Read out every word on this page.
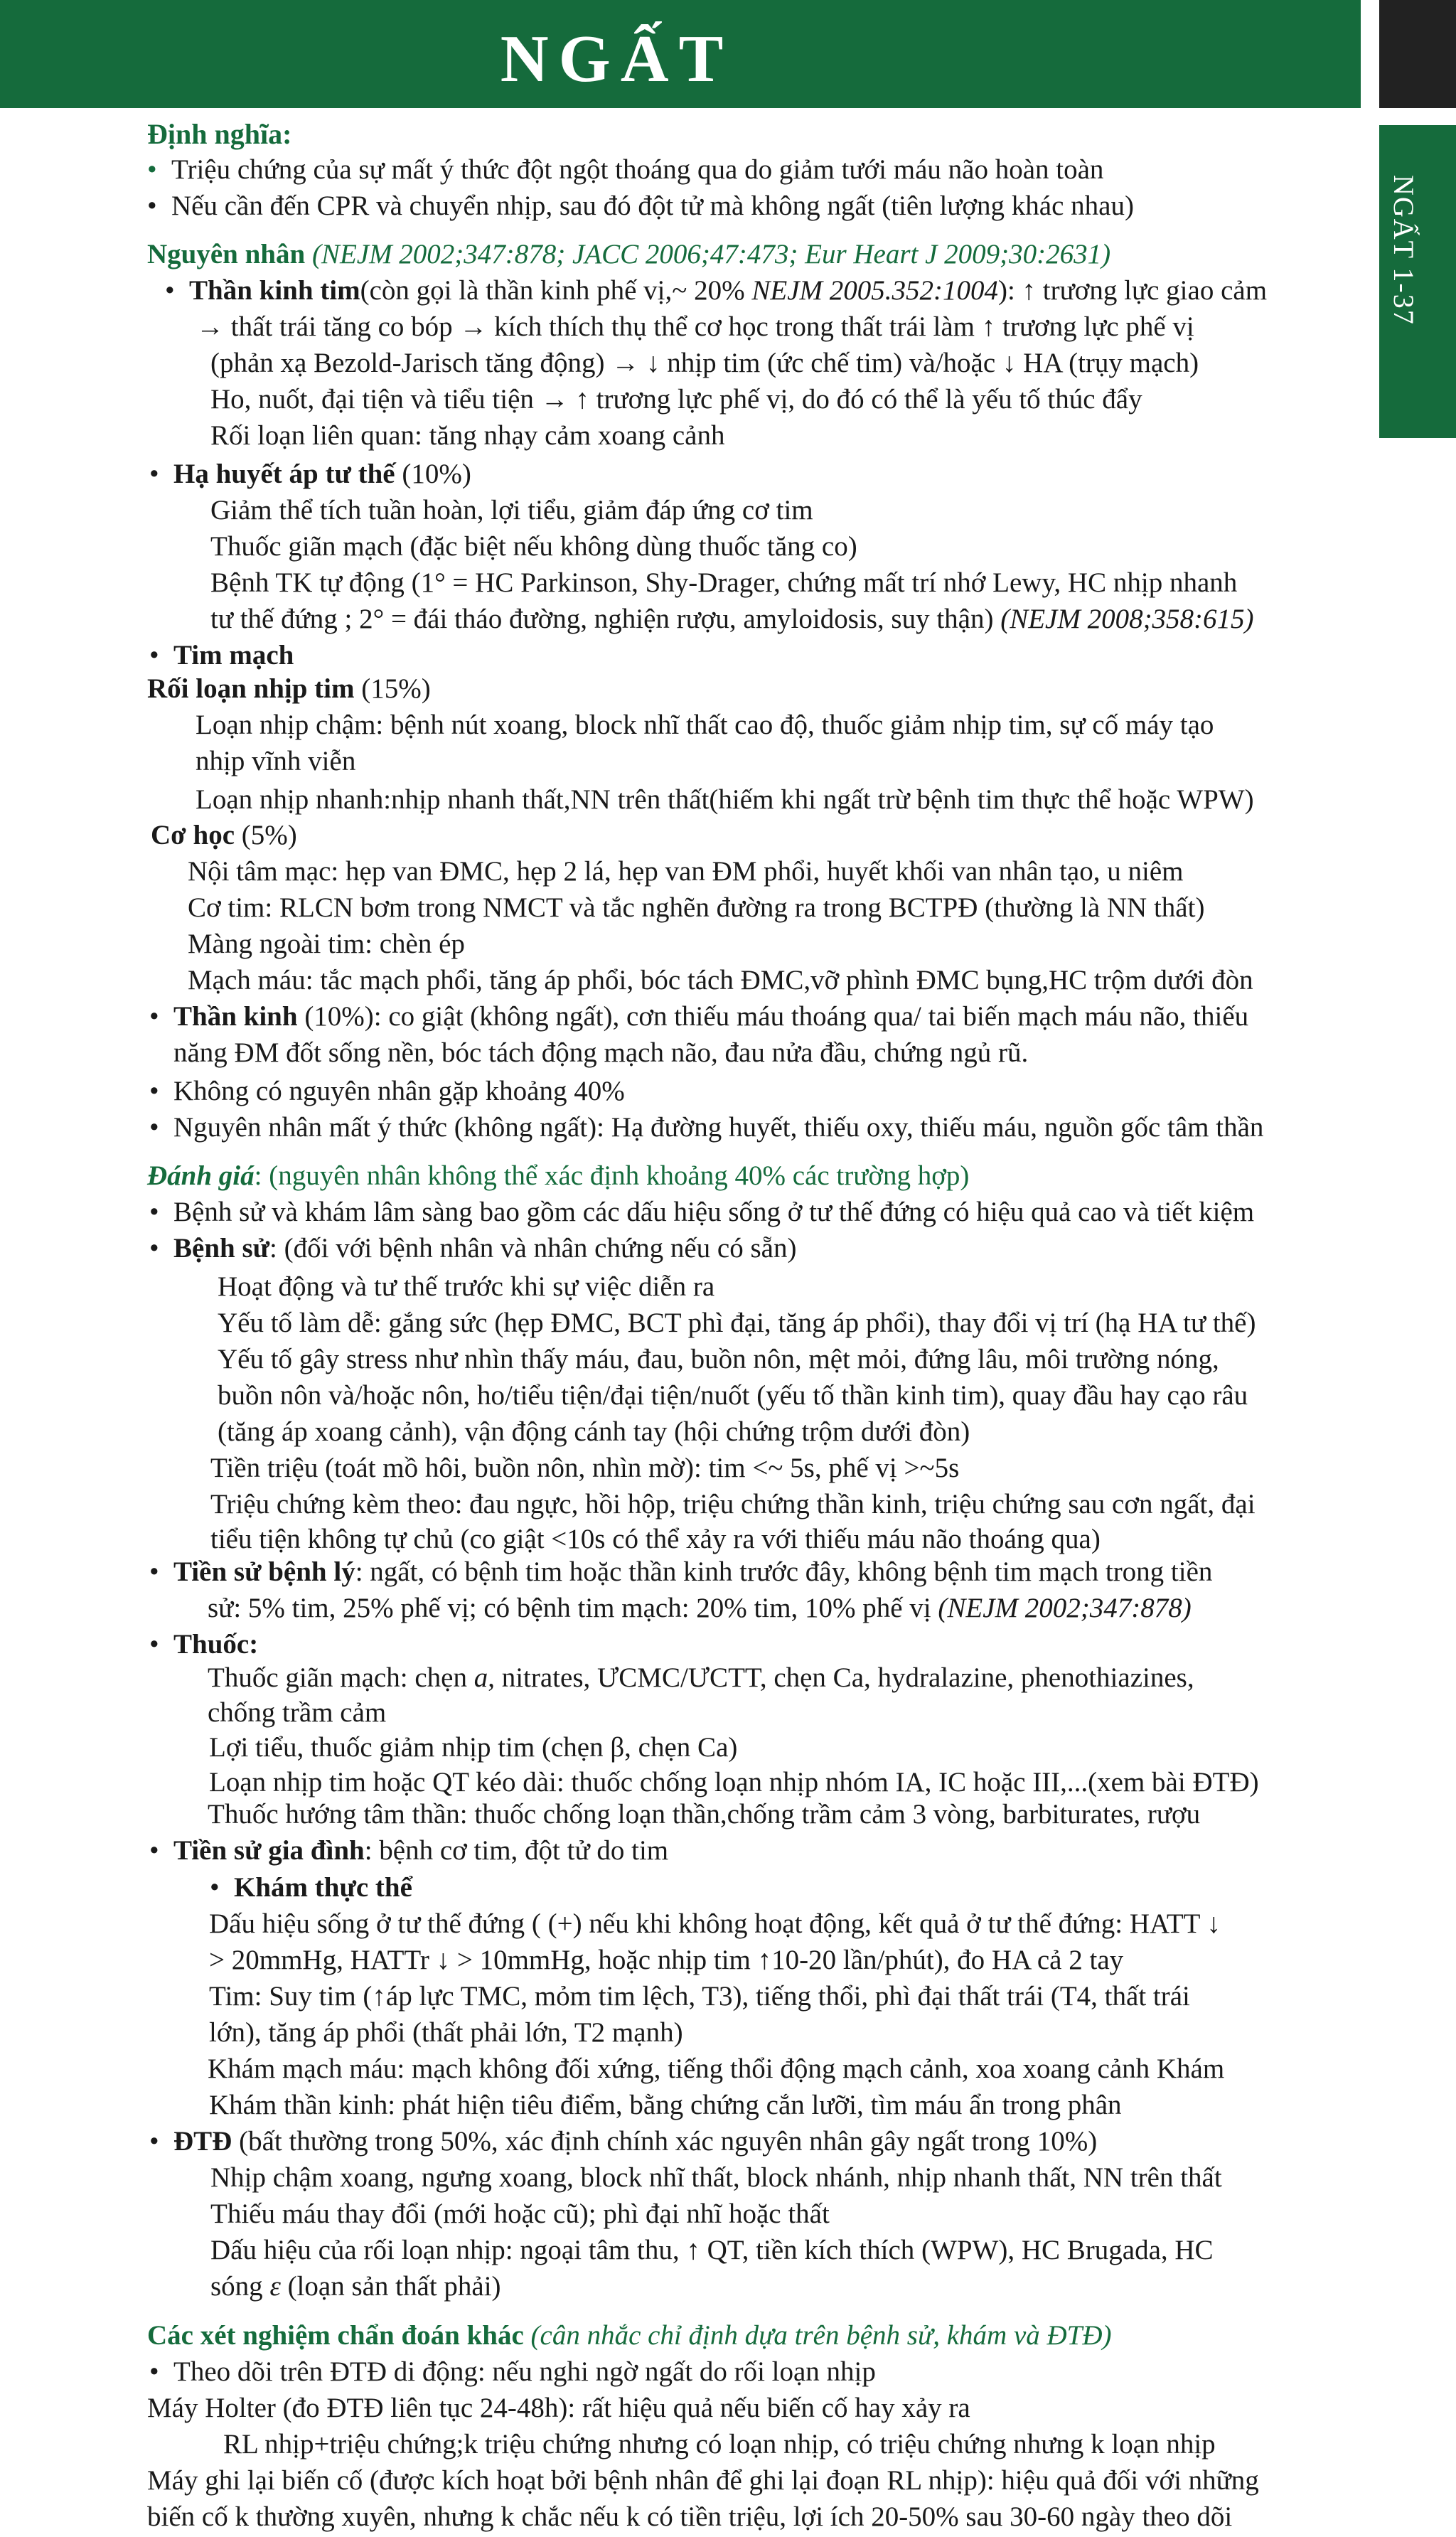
NGẤT
NGẤT 1-37
Định nghĩa:
• Triệu chứng của sự mất ý thức đột ngột thoáng qua do giảm tưới máu não hoàn toàn
• Nếu cần đến CPR và chuyển nhịp, sau đó đột tử mà không ngất (tiên lượng khác nhau)
Nguyên nhân (NEJM 2002;347:878; JACC 2006;47:473; Eur Heart J 2009;30:2631)
• Thần kinh tim(còn gọi là thần kinh phế vị,~ 20% NEJM 2005.352:1004): ↑ trương lực giao cảm
→ thất trái tăng co bóp → kích thích thụ thể cơ học trong thất trái làm ↑ trương lực phế vị
(phản xạ Bezold-Jarisch tăng động) → ↓ nhịp tim (ức chế tim) và/hoặc ↓ HA (trụy mạch)
Ho, nuốt, đại tiện và tiểu tiện → ↑ trương lực phế vị, do đó có thể là yếu tố thúc đẩy
Rối loạn liên quan: tăng nhạy cảm xoang cảnh
• Hạ huyết áp tư thế (10%)
Giảm thể tích tuần hoàn, lợi tiểu, giảm đáp ứng cơ tim
Thuốc giãn mạch (đặc biệt nếu không dùng thuốc tăng co)
Bệnh TK tự động (1° = HC Parkinson, Shy-Drager, chứng mất trí nhớ Lewy, HC nhịp nhanh
tư thế đứng ; 2° = đái tháo đường, nghiện rượu, amyloidosis, suy thận) (NEJM 2008;358:615)
• Tim mạch
Rối loạn nhịp tim (15%)
Loạn nhịp chậm: bệnh nút xoang, block nhĩ thất cao độ, thuốc giảm nhịp tim, sự cố máy tạo
nhịp vĩnh viễn
Loạn nhịp nhanh:nhịp nhanh thất,NN trên thất(hiếm khi ngất trừ bệnh tim thực thể hoặc WPW)
Cơ học (5%)
Nội tâm mạc: hẹp van ĐMC, hẹp 2 lá, hẹp van ĐM phổi, huyết khối van nhân tạo, u niêm
Cơ tim: RLCN bơm trong NMCT và tắc nghẽn đường ra trong BCTPĐ (thường là NN thất)
Màng ngoài tim: chèn ép
Mạch máu: tắc mạch phổi, tăng áp phổi, bóc tách ĐMC,vỡ phình ĐMC bụng,HC trộm dưới đòn
• Thần kinh (10%): co giật (không ngất), cơn thiếu máu thoáng qua/ tai biến mạch máu não, thiếu
năng ĐM đốt sống nền, bóc tách động mạch não, đau nửa đầu, chứng ngủ rũ.
• Không có nguyên nhân gặp khoảng 40%
• Nguyên nhân mất ý thức (không ngất): Hạ đường huyết, thiếu oxy, thiếu máu, nguồn gốc tâm thần
Đánh giá: (nguyên nhân không thể xác định khoảng 40% các trường hợp)
• Bệnh sử và khám lâm sàng bao gồm các dấu hiệu sống ở tư thế đứng có hiệu quả cao và tiết kiệm
• Bệnh sử: (đối với bệnh nhân và nhân chứng nếu có sẵn)
Hoạt động và tư thế trước khi sự việc diễn ra
Yếu tố làm dễ: gắng sức (hẹp ĐMC, BCT phì đại, tăng áp phổi), thay đổi vị trí (hạ HA tư thế)
Yếu tố gây stress như nhìn thấy máu, đau, buồn nôn, mệt mỏi, đứng lâu, môi trường nóng,
buồn nôn và/hoặc nôn, ho/tiểu tiện/đại tiện/nuốt (yếu tố thần kinh tim), quay đầu hay cạo râu
(tăng áp xoang cảnh), vận động cánh tay (hội chứng trộm dưới đòn)
Tiền triệu (toát mồ hôi, buồn nôn, nhìn mờ): tim <~ 5s, phế vị >~5s
Triệu chứng kèm theo: đau ngực, hồi hộp, triệu chứng thần kinh, triệu chứng sau cơn ngất, đại
tiểu tiện không tự chủ (co giật <10s có thể xảy ra với thiếu máu não thoáng qua)
• Tiền sử bệnh lý: ngất, có bệnh tim hoặc thần kinh trước đây, không bệnh tim mạch trong tiền
sử: 5% tim, 25% phế vị; có bệnh tim mạch: 20% tim, 10% phế vị (NEJM 2002;347:878)
• Thuốc:
Thuốc giãn mạch: chẹn a, nitrates, ƯCMC/ƯCTT, chẹn Ca, hydralazine, phenothiazines,
chống trầm cảm
Lợi tiểu, thuốc giảm nhịp tim (chẹn β, chẹn Ca)
Loạn nhịp tim hoặc QT kéo dài: thuốc chống loạn nhịp nhóm IA, IC hoặc III,...(xem bài ĐTĐ)
Thuốc hướng tâm thần: thuốc chống loạn thần,chống trầm cảm 3 vòng, barbiturates, rượu
• Tiền sử gia đình: bệnh cơ tim, đột tử do tim
• Khám thực thể
Dấu hiệu sống ở tư thế đứng ( (+) nếu khi không hoạt động, kết quả ở tư thế đứng: HATT ↓
> 20mmHg, HATTr ↓ > 10mmHg, hoặc nhịp tim ↑10-20 lần/phút), đo HA cả 2 tay
Tim: Suy tim (↑áp lực TMC, mỏm tim lệch, T3), tiếng thổi, phì đại thất trái (T4, thất trái
lớn), tăng áp phổi (thất phải lớn, T2 mạnh)
Khám mạch máu: mạch không đối xứng, tiếng thổi động mạch cảnh, xoa xoang cảnh Khám
Khám thần kinh: phát hiện tiêu điểm, bằng chứng cắn lưỡi, tìm máu ẩn trong phân
• ĐTĐ (bất thường trong 50%, xác định chính xác nguyên nhân gây ngất trong 10%)
Nhịp chậm xoang, ngưng xoang, block nhĩ thất, block nhánh, nhịp nhanh thất, NN trên thất
Thiếu máu thay đổi (mới hoặc cũ); phì đại nhĩ hoặc thất
Dấu hiệu của rối loạn nhịp: ngoại tâm thu, ↑ QT, tiền kích thích (WPW), HC Brugada, HC
sóng ε (loạn sản thất phải)
Các xét nghiệm chẩn đoán khác (cân nhắc chỉ định dựa trên bệnh sử, khám và ĐTĐ)
• Theo dõi trên ĐTĐ di động: nếu nghi ngờ ngất do rối loạn nhịp
Máy Holter (đo ĐTĐ liên tục 24-48h): rất hiệu quả nếu biến cố hay xảy ra
RL nhịp+triệu chứng;k triệu chứng nhưng có loạn nhịp, có triệu chứng nhưng k loạn nhịp
Máy ghi lại biến cố (được kích hoạt bởi bệnh nhân để ghi lại đoạn RL nhịp): hiệu quả đối với những
biến cố k thường xuyên, nhưng k chắc nếu k có tiền triệu, lợi ích 20-50% sau 30-60 ngày theo dõi
